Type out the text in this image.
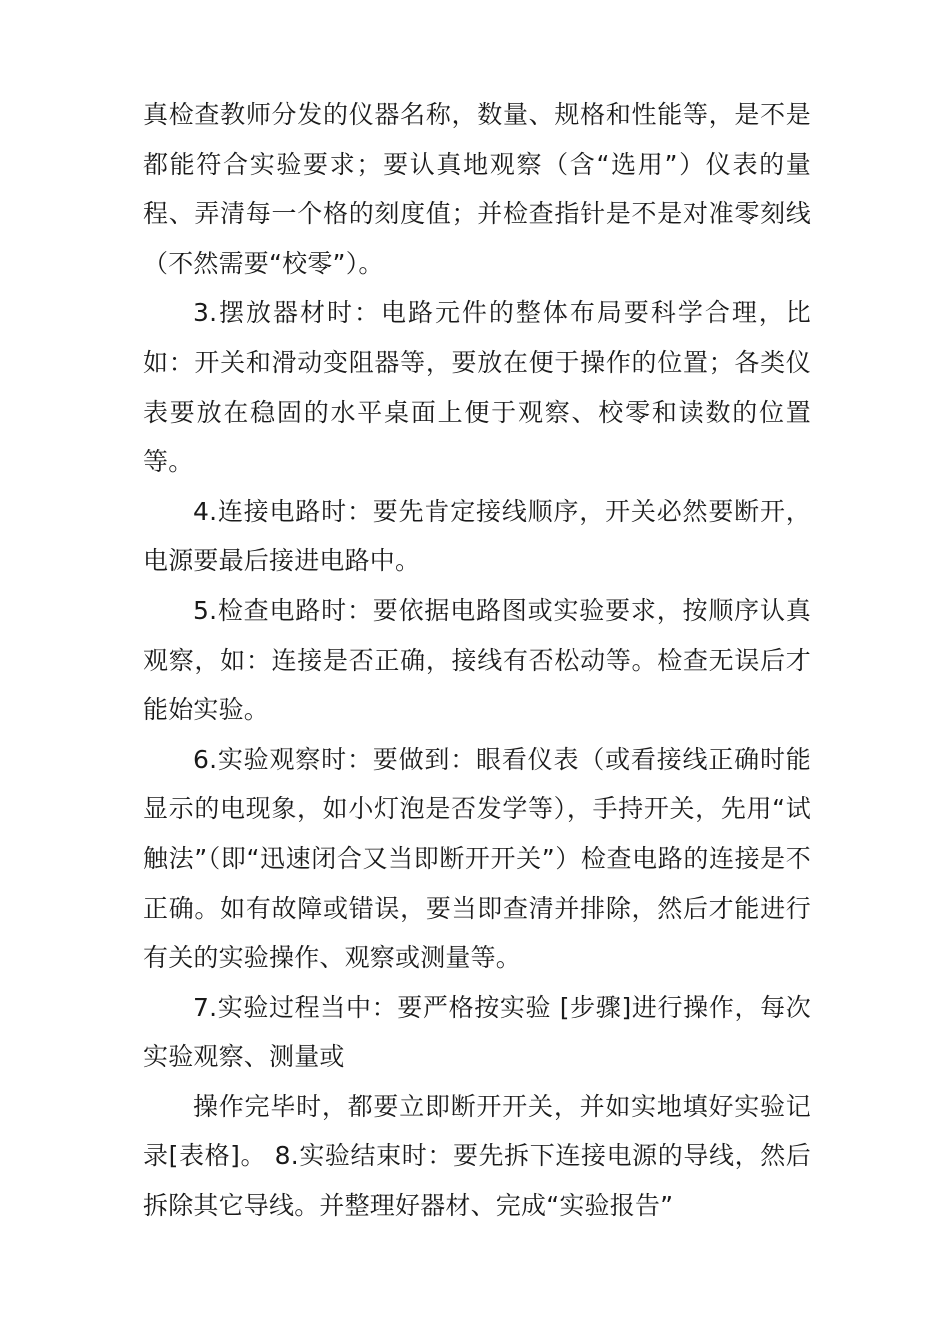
真检查教师分发的仪器名称，数量、规格和性能等，是不是都能符合实验要求；要认真地观察（含“选用”）仪表的量程、弄清每一个格的刻度值；并检查指针是不是对准零刻线（不然需要“校零”）。

3.摆放器材时：电路元件的整体布局要科学合理，比如：开关和滑动变阻器等，要放在便于操作的位置；各类仪表要放在稳固的水平桌面上便于观察、校零和读数的位置等。

4.连接电路时：要先肯定接线顺序，开关必然要断开，电源要最后接进电路中。

5.检查电路时：要依据电路图或实验要求，按顺序认真观察，如：连接是否正确，接线有否松动等。检查无误后才能始实验。

6.实验观察时：要做到：眼看仪表（或看接线正确时能显示的电现象，如小灯泡是否发学等），手持开关，先用“试触法”（即“迅速闭合又当即断开开关”）检查电路的连接是不正确。如有故障或错误，要当即查清并排除，然后才能进行有关的实验操作、观察或测量等。

7.实验过程当中：要严格按实验 [步骤]进行操作，每次实验观察、测量或

操作完毕时，都要立即断开开关，并如实地填好实验记录[表格]。 8.实验结束时：要先拆下连接电源的导线，然后拆除其它导线。并整理好器材、完成“实验报告”
